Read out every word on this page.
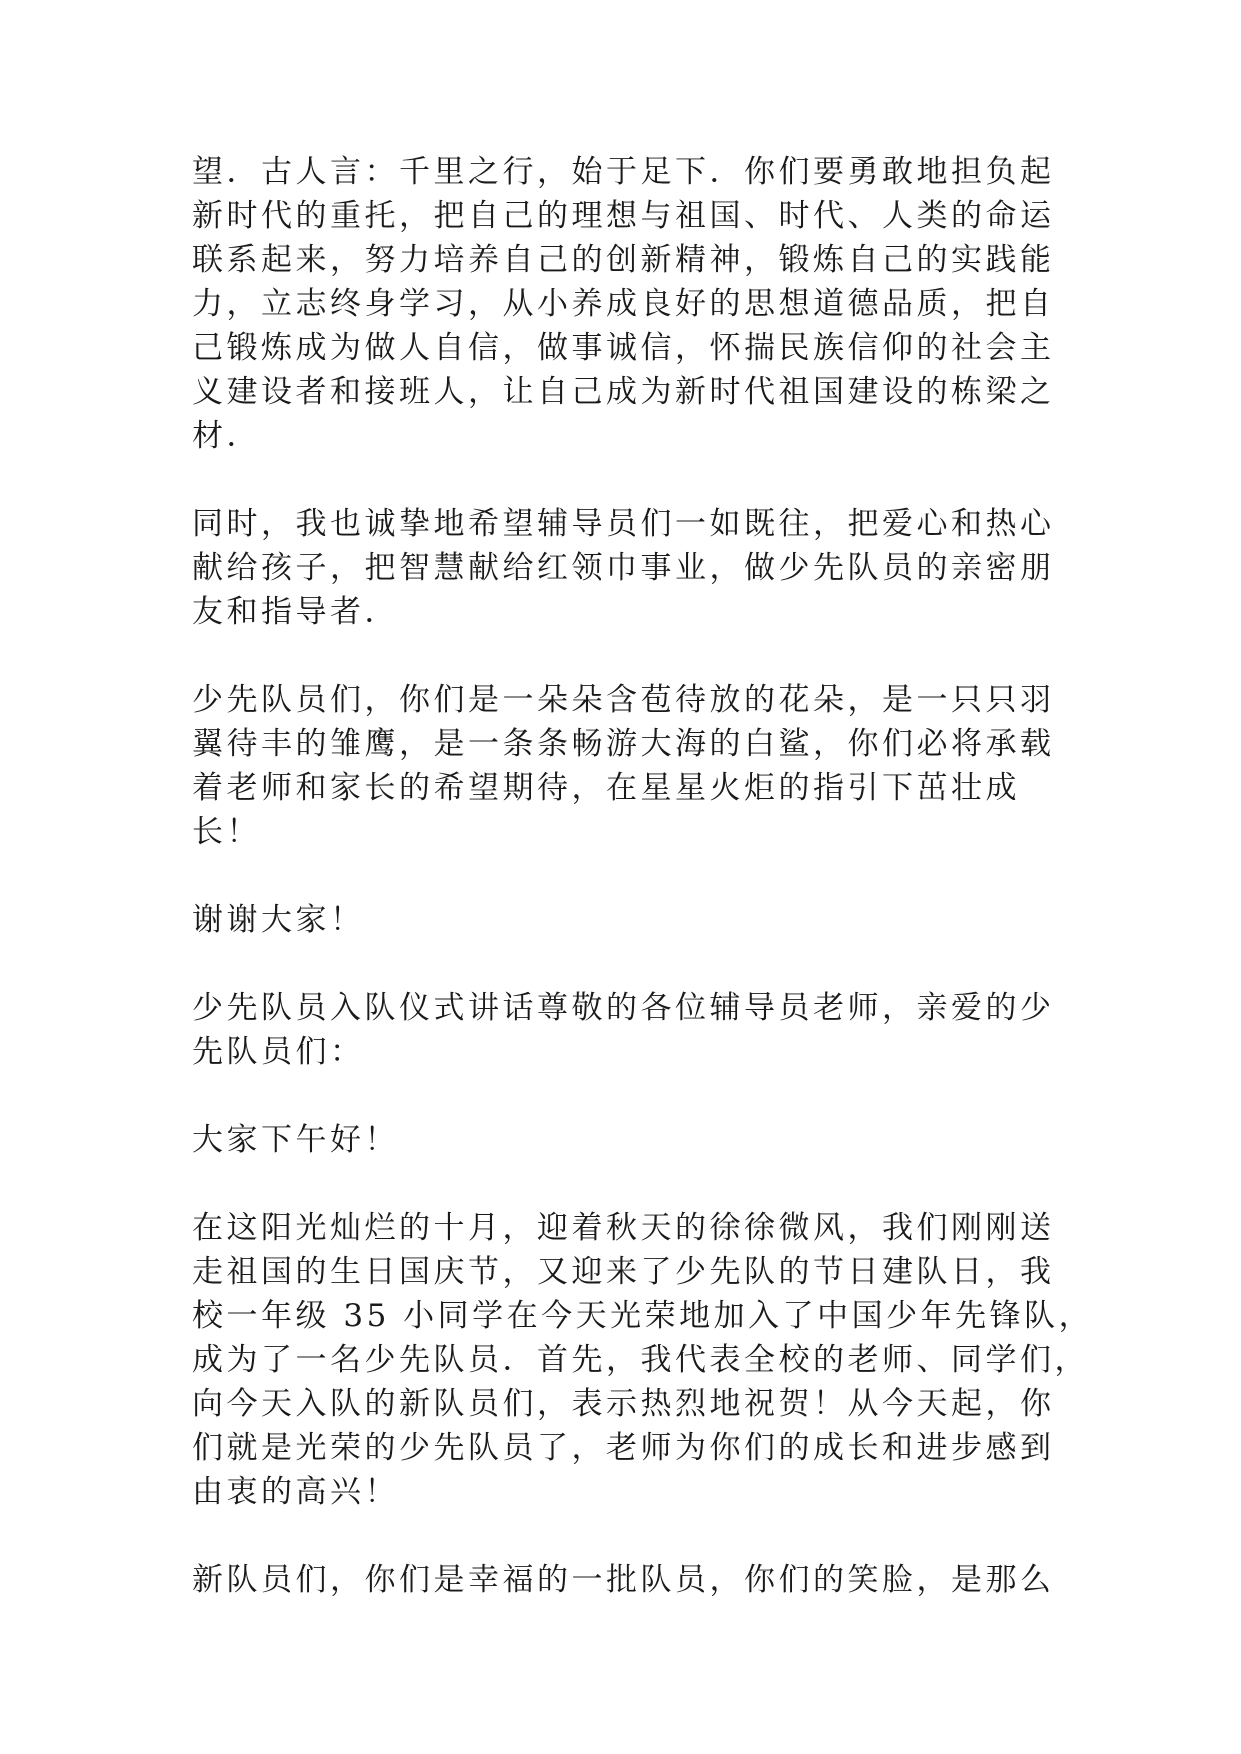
望．古人言：千里之行，始于足下．你们要勇敢地担负起
新时代的重托，把自己的理想与祖国、时代、人类的命运
联系起来，努力培养自己的创新精神，锻炼自己的实践能
力，立志终身学习，从小养成良好的思想道德品质，把自
己锻炼成为做人自信，做事诚信，怀揣民族信仰的社会主
义建设者和接班人，让自己成为新时代祖国建设的栋梁之
材．

同时，我也诚挚地希望辅导员们一如既往，把爱心和热心
献给孩子，把智慧献给红领巾事业，做少先队员的亲密朋
友和指导者．

少先队员们，你们是一朵朵含苞待放的花朵，是一只只羽
翼待丰的雏鹰，是一条条畅游大海的白鲨，你们必将承载
着老师和家长的希望期待，在星星火炬的指引下茁壮成
长！

谢谢大家！

少先队员入队仪式讲话尊敬的各位辅导员老师，亲爱的少
先队员们：

大家下午好！

在这阳光灿烂的十月，迎着秋天的徐徐微风，我们刚刚送
走祖国的生日国庆节，又迎来了少先队的节日建队日，我
校一年级 35 小同学在今天光荣地加入了中国少年先锋队，
成为了一名少先队员．首先，我代表全校的老师、同学们，
向今天入队的新队员们，表示热烈地祝贺！从今天起，你
们就是光荣的少先队员了，老师为你们的成长和进步感到
由衷的高兴！

新队员们，你们是幸福的一批队员，你们的笑脸，是那么
